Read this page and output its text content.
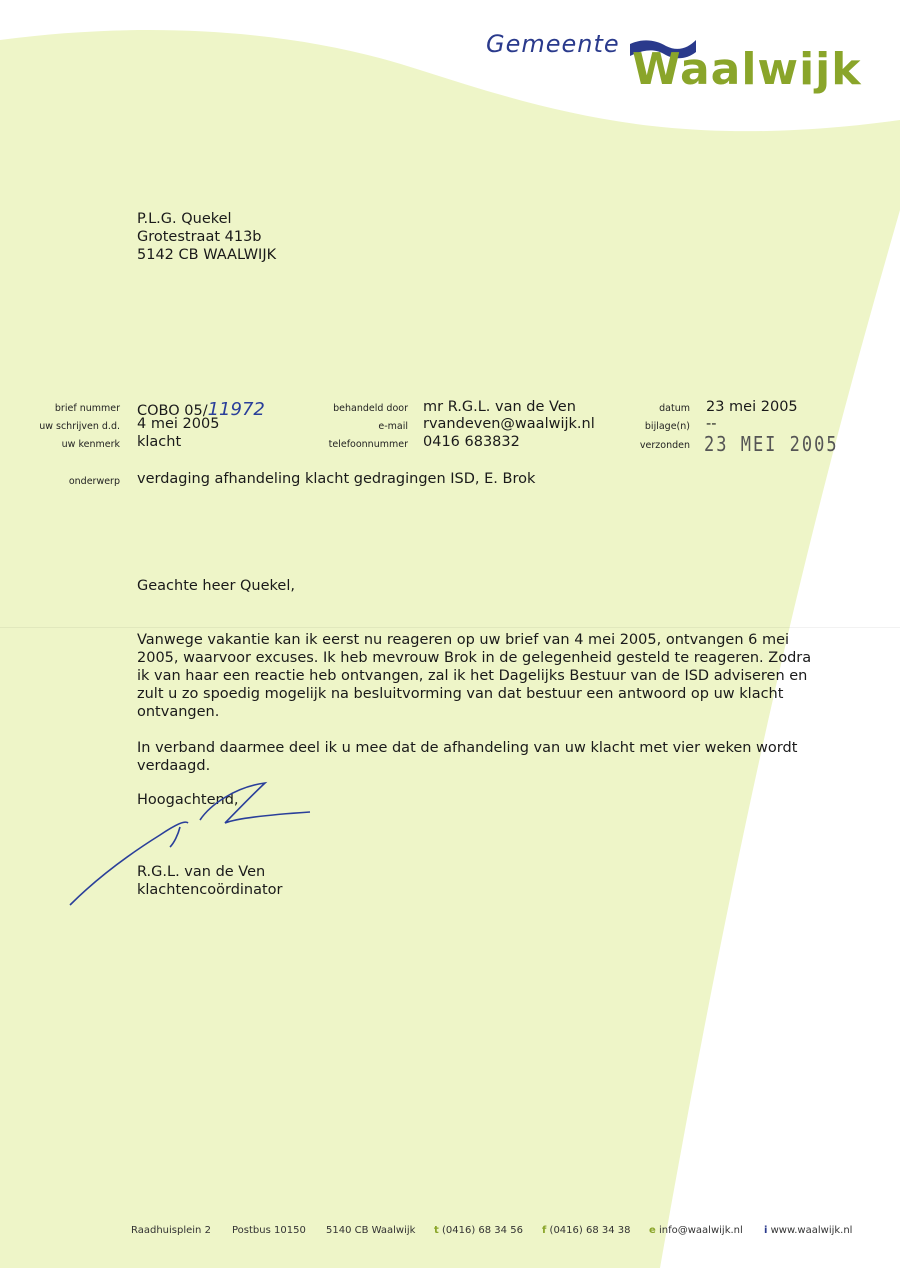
Gemeente Waalwijk
P.L.G. Quekel
Grotestraat 413b
5142 CB WAALWIJK
brief nummer COBO 05/11972
uw schrijven d.d. 4 mei 2005
uw kenmerk klacht
behandeld door mr R.G.L. van de Ven
e-mail rvandeven@waalwijk.nl
telefoonnummer 0416 683832
datum 23 mei 2005
bijlage(n) --
verzonden 23 MEI 2005
onderwerp verdaging afhandeling klacht gedragingen ISD, E. Brok
Geachte heer Quekel,

Vanwege vakantie kan ik eerst nu reageren op uw brief van 4 mei 2005, ontvangen 6 mei 2005, waarvoor excuses. Ik heb mevrouw Brok in de gelegenheid gesteld te reageren. Zodra ik van haar een reactie heb ontvangen, zal ik het Dagelijks Bestuur van de ISD adviseren en zult u zo spoedig mogelijk na besluitvorming van dat bestuur een antwoord op uw klacht ontvangen.

In verband daarmee deel ik u mee dat de afhandeling van uw klacht met vier weken wordt verdaagd.

Hoogachtend,
R.G.L. van de Ven
klachtencoördinator
Raadhuisplein 2 Postbus 10150 5140 CB Waalwijk t (0416) 68 34 56 f (0416) 68 34 38 e info@waalwijk.nl i www.waalwijk.nl
